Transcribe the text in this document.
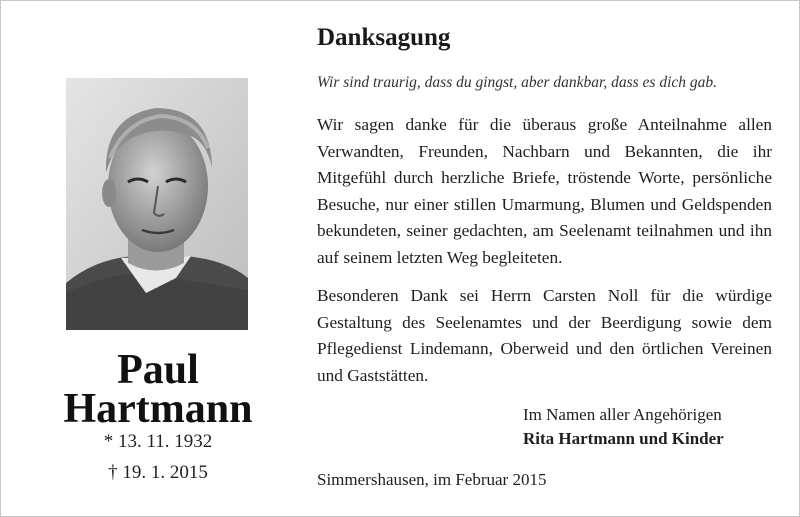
Paul
Hartmann
* 13. 11. 1932
† 19. 1. 2015
Danksagung
Wir sind traurig, dass du gingst, aber dankbar, dass es dich gab.
Wir sagen danke für die überaus große Anteilnahme allen Verwandten, Freunden, Nachbarn und Bekannten, die ihr Mitgefühl durch herzliche Briefe, tröstende Worte, persönliche Besuche, nur einer stillen Umarmung, Blumen und Geldspenden bekundeten, seiner gedachten, am Seelenamt teilnahmen und ihn auf seinem letzten Weg begleiteten.
Besonderen Dank sei Herrn Carsten Noll für die würdige Gestaltung des Seelenamtes und der Beerdigung sowie dem Pflegedienst Lindemann, Oberweid und den örtlichen Vereinen und Gaststätten.
Im Namen aller Angehörigen
Rita Hartmann und Kinder
Simmershausen, im Februar 2015
